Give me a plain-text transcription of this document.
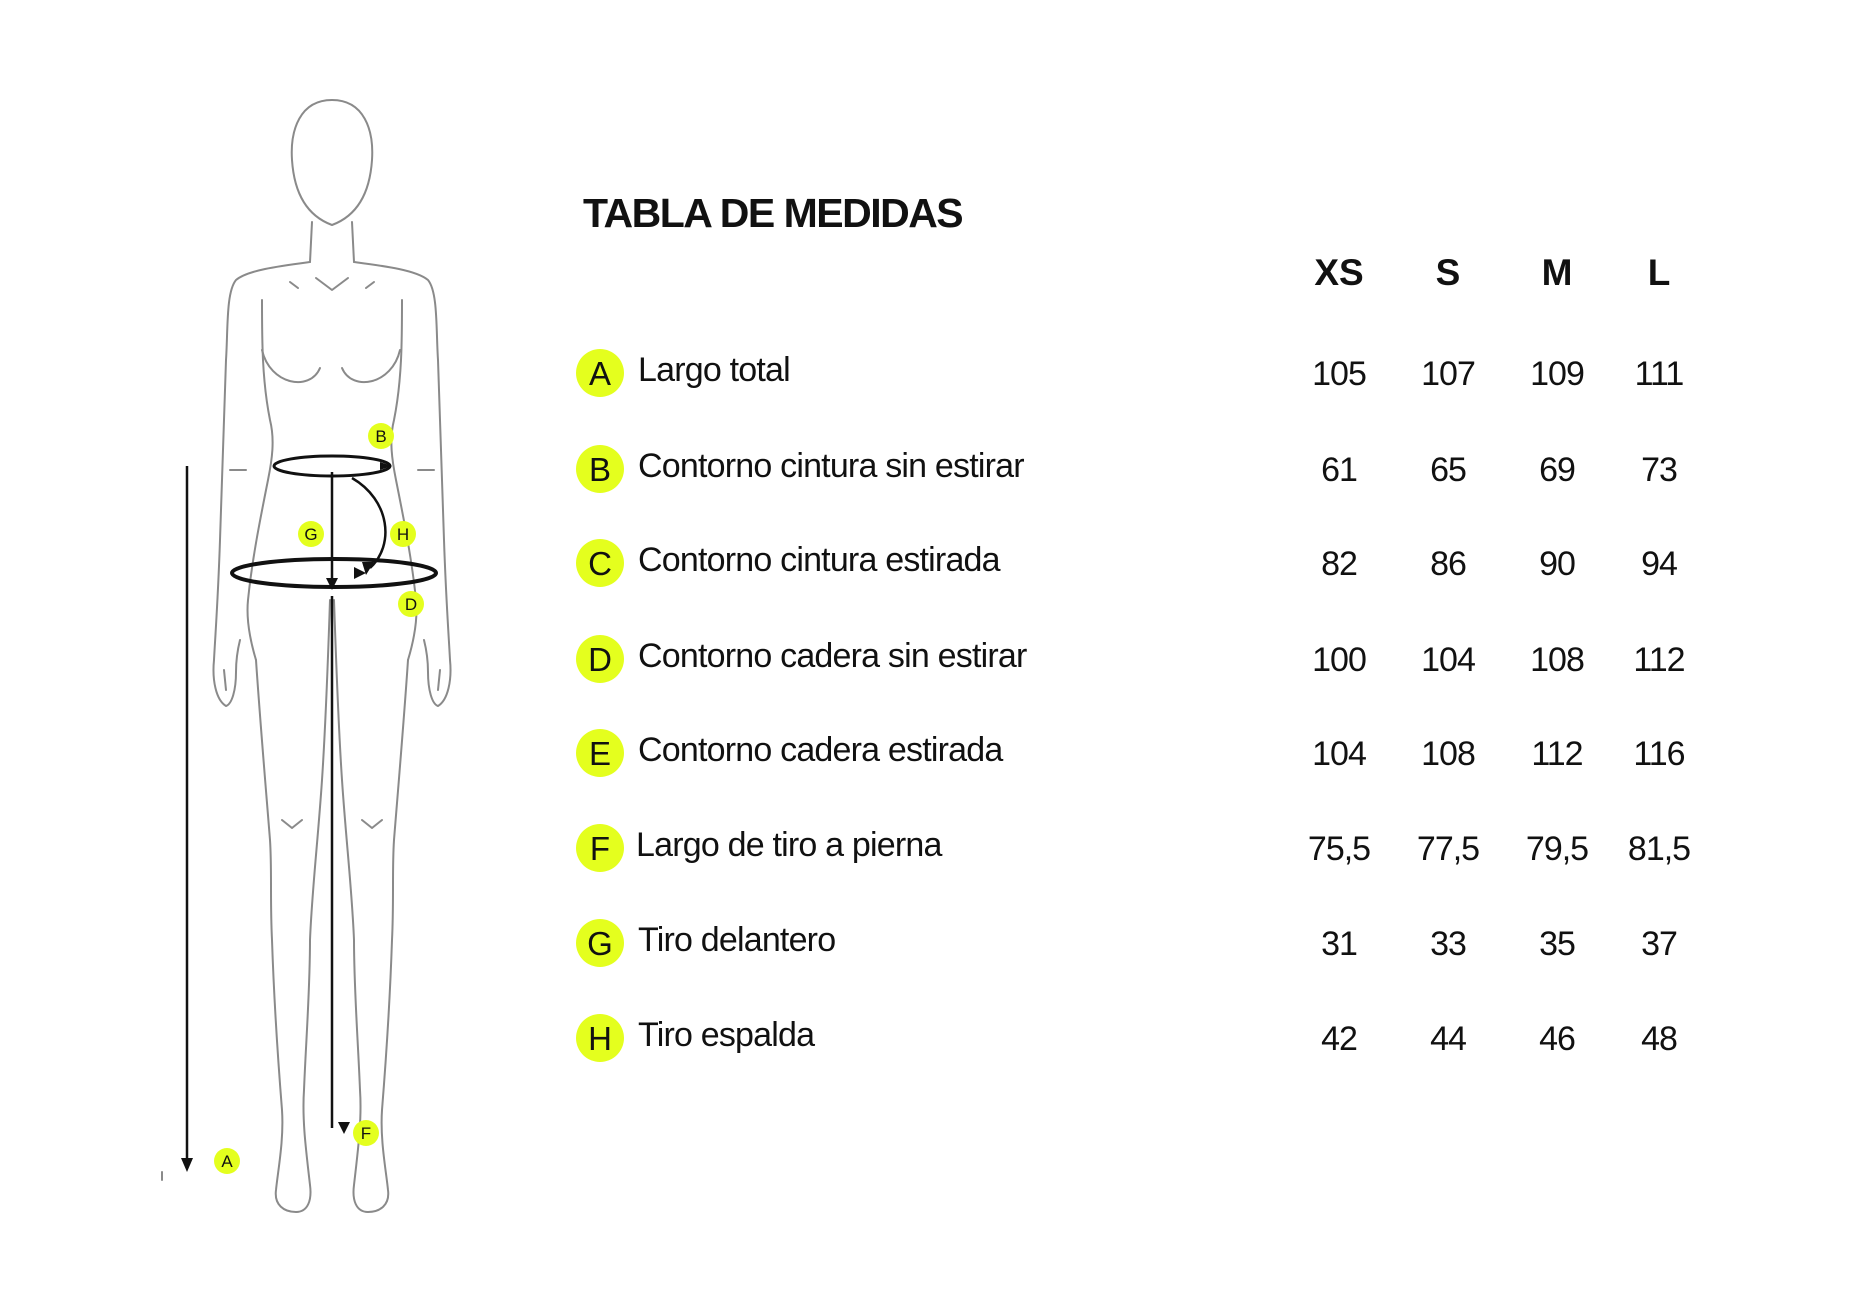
B
G	H
D
F
A
TABLA DE MEDIDAS
XS	S	M	L
A Largo total	105	107	109	111
B Contorno cintura sin estirar	61	65	69	73
C Contorno cintura estirada	82	86	90	94
D Contorno cadera sin estirar	100	104	108	112
E Contorno cadera estirada	104	108	112	116
F Largo de tiro a pierna	75,5	77,5	79,5	81,5
G Tiro delantero	31	33	35	37
H Tiro espalda	42	44	46	48
